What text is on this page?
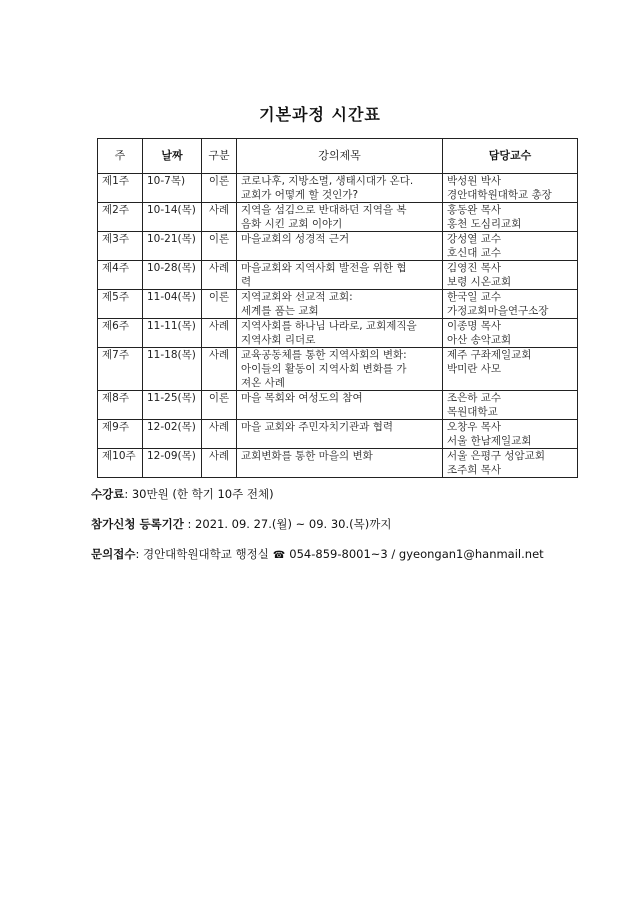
기본과정 시간표
주	날짜	구분	강의제목	담당교수
제1주	10-7목)	이론	코로나후, 지방소멸, 생태시대가 온다.
교회가 어떻게 할 것인가?	박성원 박사
경안대학원대학교 총장

제2주	10-14(목)	사례	지역을 섬김으로 반대하던 지역을 복
음화 시킨 교회 이야기	홍동완 목사
홍천 도심리교회

제3주	10-21(목)	이론	마을교회의 성경적 근거	강성열 교수
호신대 교수

제4주	10-28(목)	사례	마을교회와 지역사회 발전을 위한 협
력	김영진 목사
보령 시온교회

제5주	11-04(목)	이론	지역교회와 선교적 교회:
세계를 품는 교회	한국일 교수
가정교회마을연구소장

제6주	11-11(목)	사례	지역사회를 하나님 나라로, 교회제직을
지역사회 리더로	이종명 목사
아산 송악교회

제7주	11-18(목)	사례	교육공동체를 통한 지역사회의 변화:
아이들의 활동이 지역사회 변화를 가
져온 사례	제주 구좌제일교회
박미란 사모

제8주	11-25(목)	이론	마을 목회와 여성도의 참여	조은하 교수
목원대학교

제9주	12-02(목)	사례	마을 교회와 주민자치기관과 협력	오창우 목사
서울 한남제일교회

제10주	12-09(목)	사례	교회변화를 통한 마을의 변화	서울 은평구 성암교회
조주희 목사
수강료: 30만원 (한 학기 10주 전체)
참가신청 등록기간 : 2021. 09. 27.(월) ~ 09. 30.(목)까지
문의접수: 경안대학원대학교 행정실 ☎ 054-859-8001~3 / gyeongan1@hanmail.net
